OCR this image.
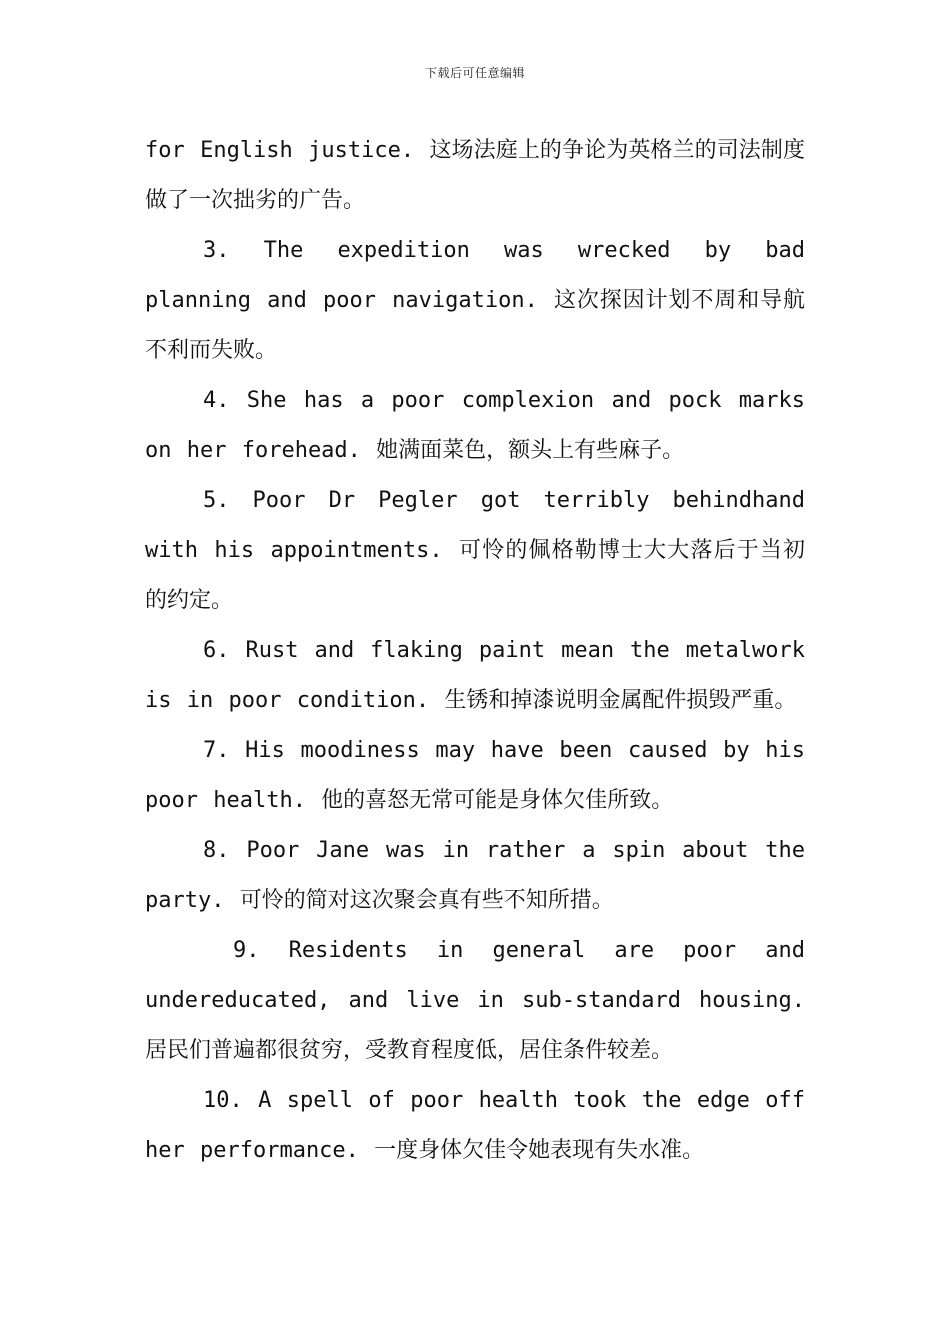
下载后可任意编辑

for English justice. 这场法庭上的争论为英格兰的司法制度做了一次拙劣的广告。

3. The expedition was wrecked by bad planning and poor navigation. 这次探因计划不周和导航不利而失败。

4. She has a poor complexion and pock marks on her forehead. 她满面菜色，额头上有些麻子。

5. Poor Dr Pegler got terribly behindhand with his appointments. 可怜的佩格勒博士大大落后于当初的约定。

6. Rust and flaking paint mean the metalwork is in poor condition. 生锈和掉漆说明金属配件损毁严重。

7. His moodiness may have been caused by his poor health. 他的喜怒无常可能是身体欠佳所致。

8. Poor Jane was in rather a spin about the party. 可怜的简对这次聚会真有些不知所措。

9. Residents in general are poor and undereducated, and live in sub-standard housing. 居民们普遍都很贫穷，受教育程度低，居住条件较差。

10. A spell of poor health took the edge off her performance. 一度身体欠佳令她表现有失水准。
